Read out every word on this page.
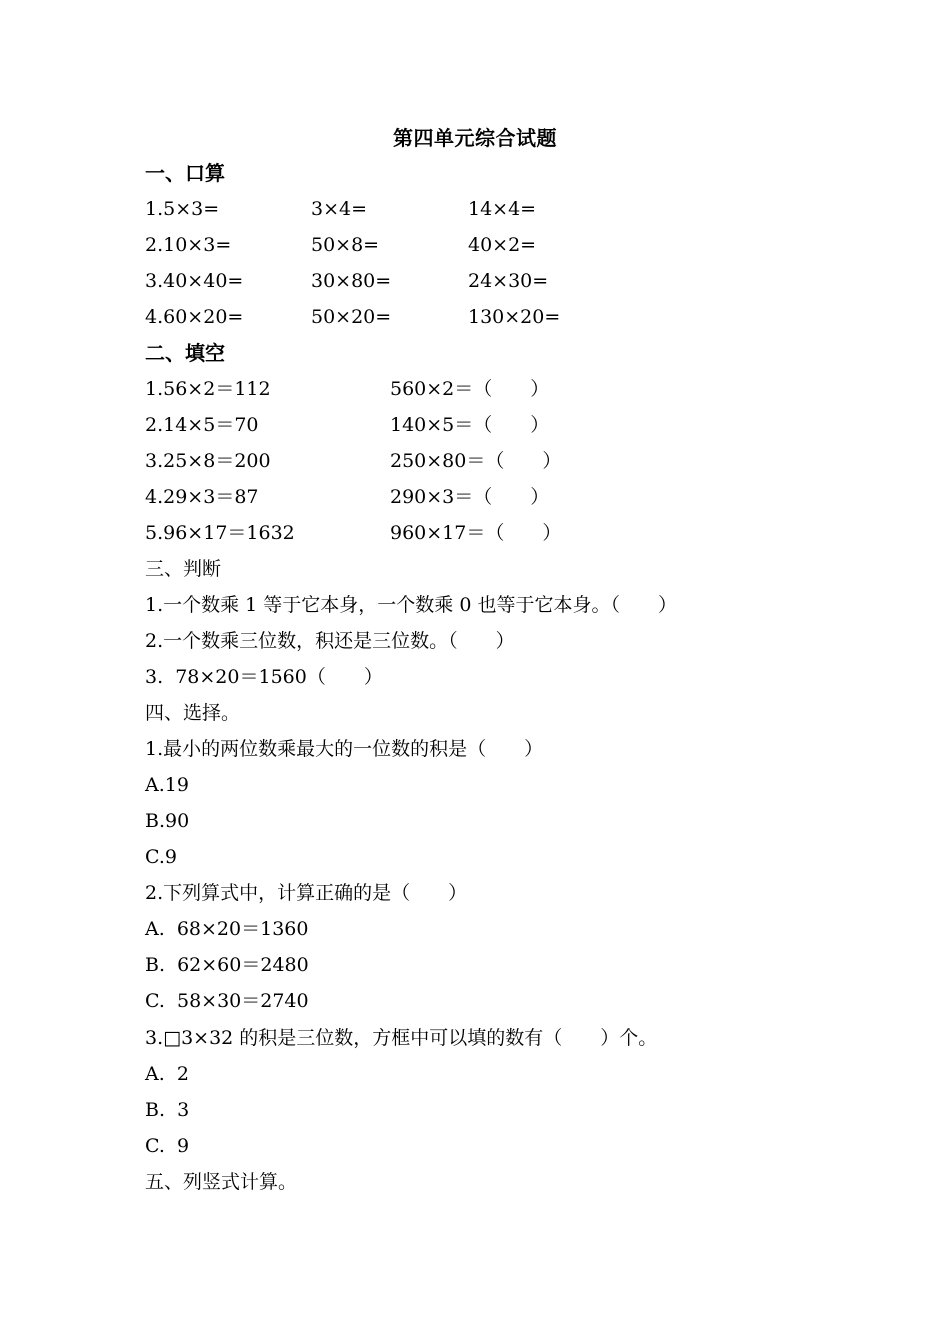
第四单元综合试题
一、口算
1.5×3=	3×4=	14×4=
2.10×3=	50×8=	40×2=
3.40×40=	30×80=	24×30=
4.60×20=	50×20=	130×20=
二、填空
1.56×2＝112	560×2＝（　　）
2.14×5＝70	140×5＝（　　）
3.25×8＝200	250×80＝（　　）
4.29×3＝87	290×3＝（　　）
5.96×17＝1632	960×17＝（　　）
三、判断
1.一个数乘 1 等于它本身，一个数乘 0 也等于它本身。（　　）
2.一个数乘三位数，积还是三位数。（　　）
3.  78×20＝1560（　　）
四、选择。
1.最小的两位数乘最大的一位数的积是（　　）
A.19
B.90
C.9
2.下列算式中，计算正确的是（　　）
A.  68×20＝1360
B.  62×60＝2480
C.  58×30＝2740
3.□3×32 的积是三位数，方框中可以填的数有（　　）个。
A.  2
B.  3
C.  9
五、列竖式计算。
